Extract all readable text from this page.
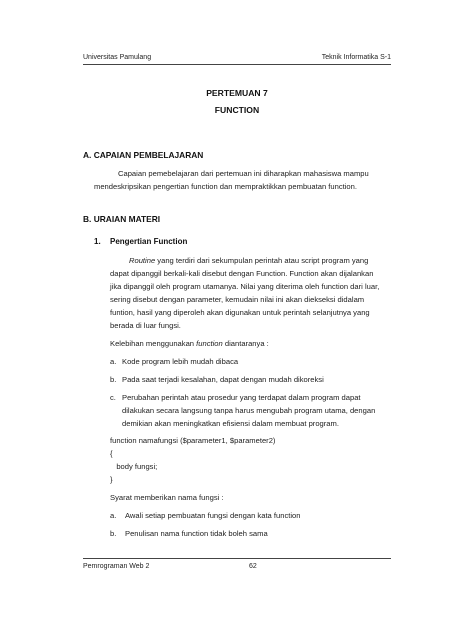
Universitas Pamulang	Teknik Informatika S-1
PERTEMUAN 7
FUNCTION
A. CAPAIAN PEMBELAJARAN
Capaian pemebelajaran dari pertemuan ini diharapkan mahasiswa mampu
mendeskripsikan pengertian function dan mempraktikkan pembuatan function.
B. URAIAN MATERI
1. Pengertian Function
Routine yang terdiri dari sekumpulan perintah atau script program yang
dapat dipanggil berkali-kali disebut dengan Function. Function akan dijalankan
jika dipanggil oleh program utamanya. Nilai yang diterima oleh function dari luar,
sering disebut dengan parameter, kemudain nilai ini akan diekseksi didalam
funtion, hasil yang diperoleh akan digunakan untuk perintah selanjutnya yang
berada di luar fungsi.
Kelebihan menggunakan function diantaranya :
a. Kode program lebih mudah dibaca
b. Pada saat terjadi kesalahan, dapat dengan mudah dikoreksi
c. Perubahan perintah atau prosedur yang terdapat dalam program dapat
dilakukan secara langsung tanpa harus mengubah program utama, dengan
demikian akan meningkatkan efisiensi dalam membuat program.
function namafungsi ($parameter1, $parameter2)
{
body fungsi;
}
Syarat memberikan nama fungsi :
a. Awali setiap pembuatan fungsi dengan kata function
b. Penulisan nama function tidak boleh sama
Pemrograman Web 2	62
